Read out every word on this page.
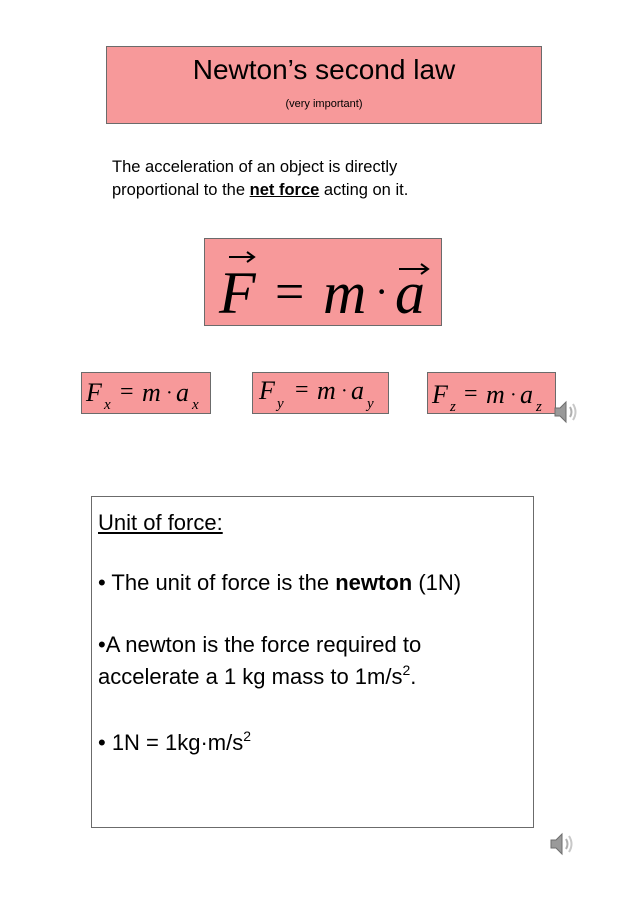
Newton’s second law
(very important)
The acceleration of an object is directly
proportional to the net force acting on it.
F = m · a
F x = m · a x F y
= m · a y F z = m · a z
Unit of force:
• The unit of force is the newton (1N)
•A newton is the force required to
accelerate a 1 kg mass to $1m/s^2$.
• $1N = 1kg\cdot m/s^2$
